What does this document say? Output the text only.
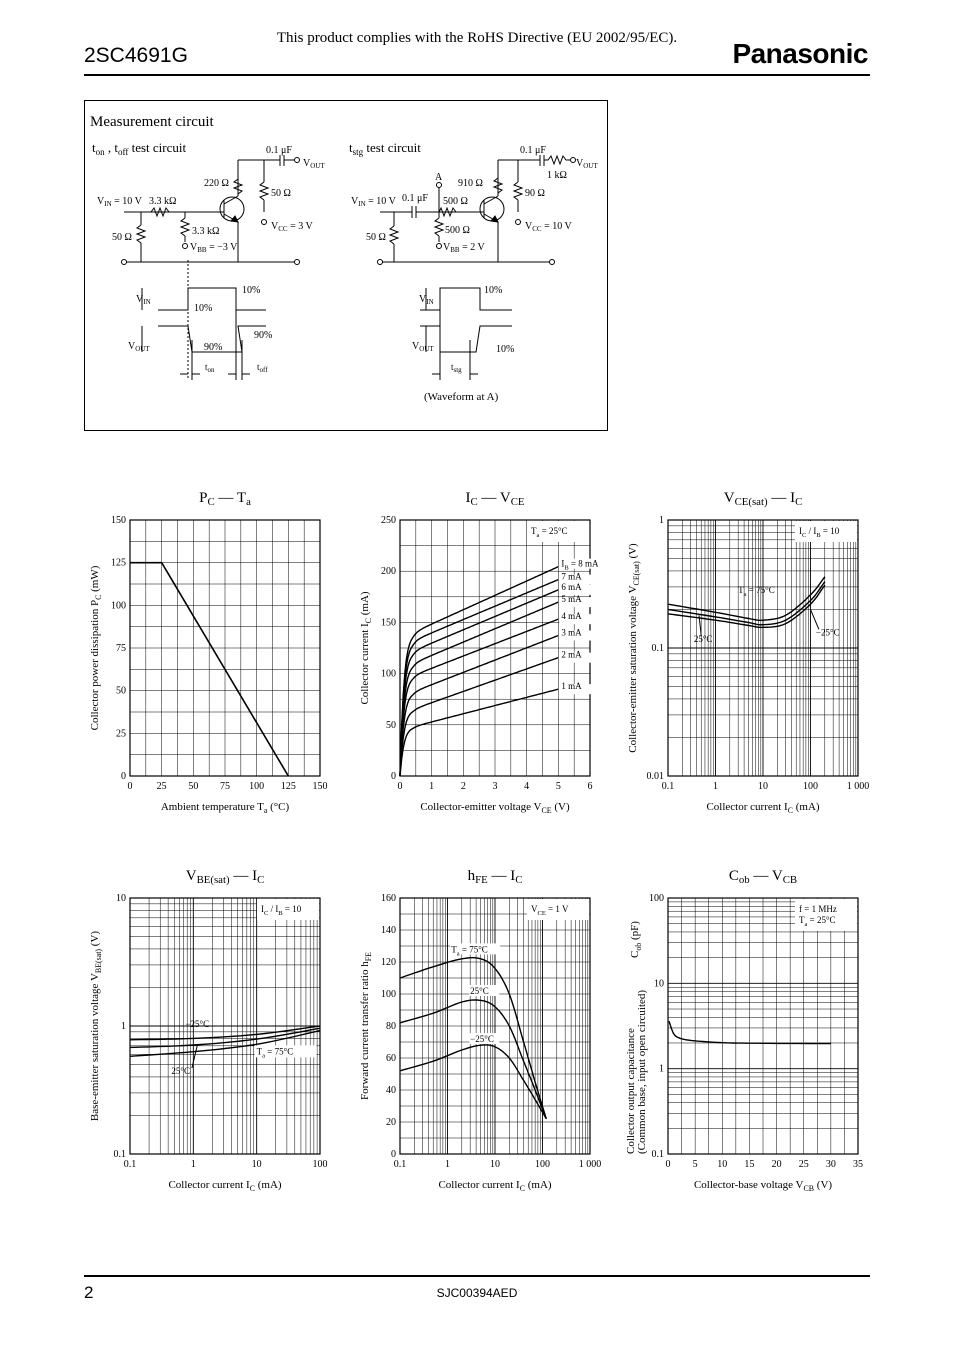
2SC4691G
This product complies with the RoHS Directive (EU 2002/95/EC).	Panasonic
Measurement circuit
$t_{on}$ , $t_{off}$ test circuit	0.1 μF
$V_{OUT}$
220 Ω
50 Ω
$V_{IN} = 10$ V 3.3 kΩ
3.3 kΩ
50 Ω
$V_{BB} = -3$ V
$V_{CC} = 3$ V
$V_{IN}$
$V_{OUT}$
10%
10%
90%
90%
$t_{on}$	$t_{off}$
$t_{stg}$ test circuit	0.1 μF
$V_{OUT}$
1 kΩ
A
910 Ω
90 Ω
$V_{IN} = 10$ V 0.1 μF 500 Ω
500 Ω
50 Ω
$V_{BB} = 2$ V
$V_{CC} = 10$ V
$V_{IN}$
$V_{OUT}$
10%
10%
$t_{stg}$
(Waveform at A)
0 25 50 75 100 125 150
0
25
50
75
100
125
150
$P_C$ — $T_a$
Ambient temperature $T_a$ (°C)
Collector power dissipation $P_C$ (mW)
0	1	2	3	4	5	6
0
50
100
150
200
250
$I_C$ — $V_{CE}$
Collector-emitter voltage $V_{CE}$ (V)
Collector current $I_C$ (mA)
$I_B = 8$ mA
7 mA
6 mA
5 mA
4 mA
3 mA
2 mA
1 mA
$T_a = 25^\circ C$
0.1	1	10	100	1 000
0.01
0.1
1
$V_{CE(sat)}$ — $I_C$
Collector current $I_C$ (mA)
Collector-emitter saturation voltage $V_{CE(sat)}$ (V)
$I_C / I_B = 10$
$T_a = 75^\circ C$
25°C
−25°C
0.1	1	10	100
0.1
1
10
$V_{BE(sat)}$ — $I_C$
Collector current $I_C$ (mA)
Base-emitter saturation voltage $V_{BE(sat)}$ (V)
$I_C / I_B = 10$
−25°C
25°C
$T_a = 75^\circ C$
0.1	1	10	100	1 000
0
20
40
60
80
100
120
140
160
$h_{FE}$ — $I_C$
Collector current $I_C$ (mA)
Forward current transfer ratio $h_{FE}$
$V_{CE} = 1$ V
$T_a = 75^\circ C$
25°C
−25°C
0 5 10 15 20 25 30 35
0.1
1
10
100
$C_{ob}$ — $V_{CB}$
Collector-base voltage $V_{CB}$ (V)
Collector output capacitance (Common base, input open circuited)
$C_{ob}$ (pF)
f = 1 MHz
$T_a = 25^\circ C$
2	SJC00394AED
